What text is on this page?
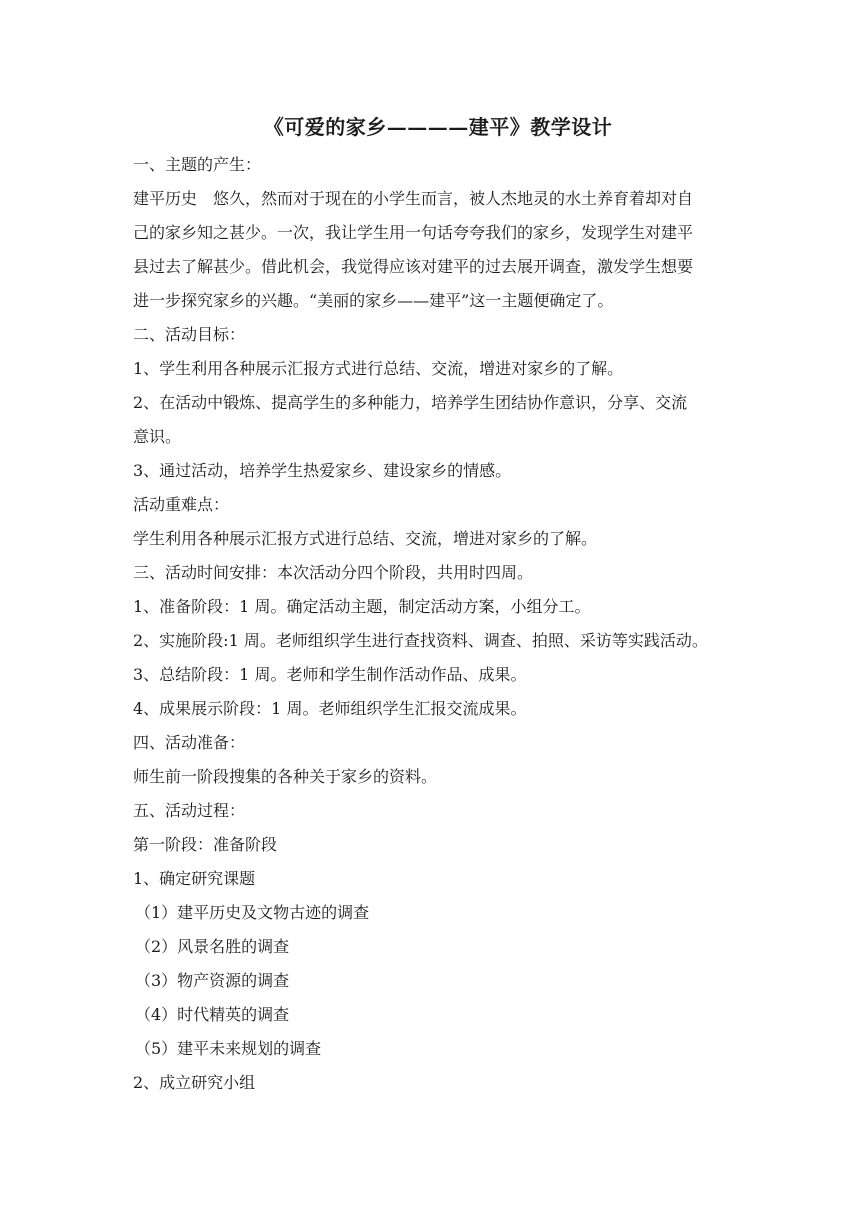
《可爱的家乡————建平》教学设计

一、主题的产生：

建平历史　悠久，然而对于现在的小学生而言，被人杰地灵的水土养育着却对自

己的家乡知之甚少。一次，我让学生用一句话夸夸我们的家乡，发现学生对建平

县过去了解甚少。借此机会，我觉得应该对建平的过去展开调查，激发学生想要

进一步探究家乡的兴趣。“美丽的家乡——建平”这一主题便确定了。

二、活动目标：

1、学生利用各种展示汇报方式进行总结、交流，增进对家乡的了解。

2、在活动中锻炼、提高学生的多种能力，培养学生团结协作意识，分享、交流

意识。

3、通过活动，培养学生热爱家乡、建设家乡的情感。

活动重难点：

学生利用各种展示汇报方式进行总结、交流，增进对家乡的了解。

三、活动时间安排：本次活动分四个阶段，共用时四周。

1、准备阶段：1 周。确定活动主题，制定活动方案，小组分工。

2、实施阶段:1 周。老师组织学生进行查找资料、调查、拍照、采访等实践活动。

3、总结阶段：1 周。老师和学生制作活动作品、成果。

4、成果展示阶段：1 周。老师组织学生汇报交流成果。

四、活动准备：

师生前一阶段搜集的各种关于家乡的资料。

五、活动过程：

第一阶段：准备阶段

1、确定研究课题

（1）建平历史及文物古迹的调查

（2）风景名胜的调查

（3）物产资源的调查

（4）时代精英的调查

（5）建平未来规划的调查

2、成立研究小组
